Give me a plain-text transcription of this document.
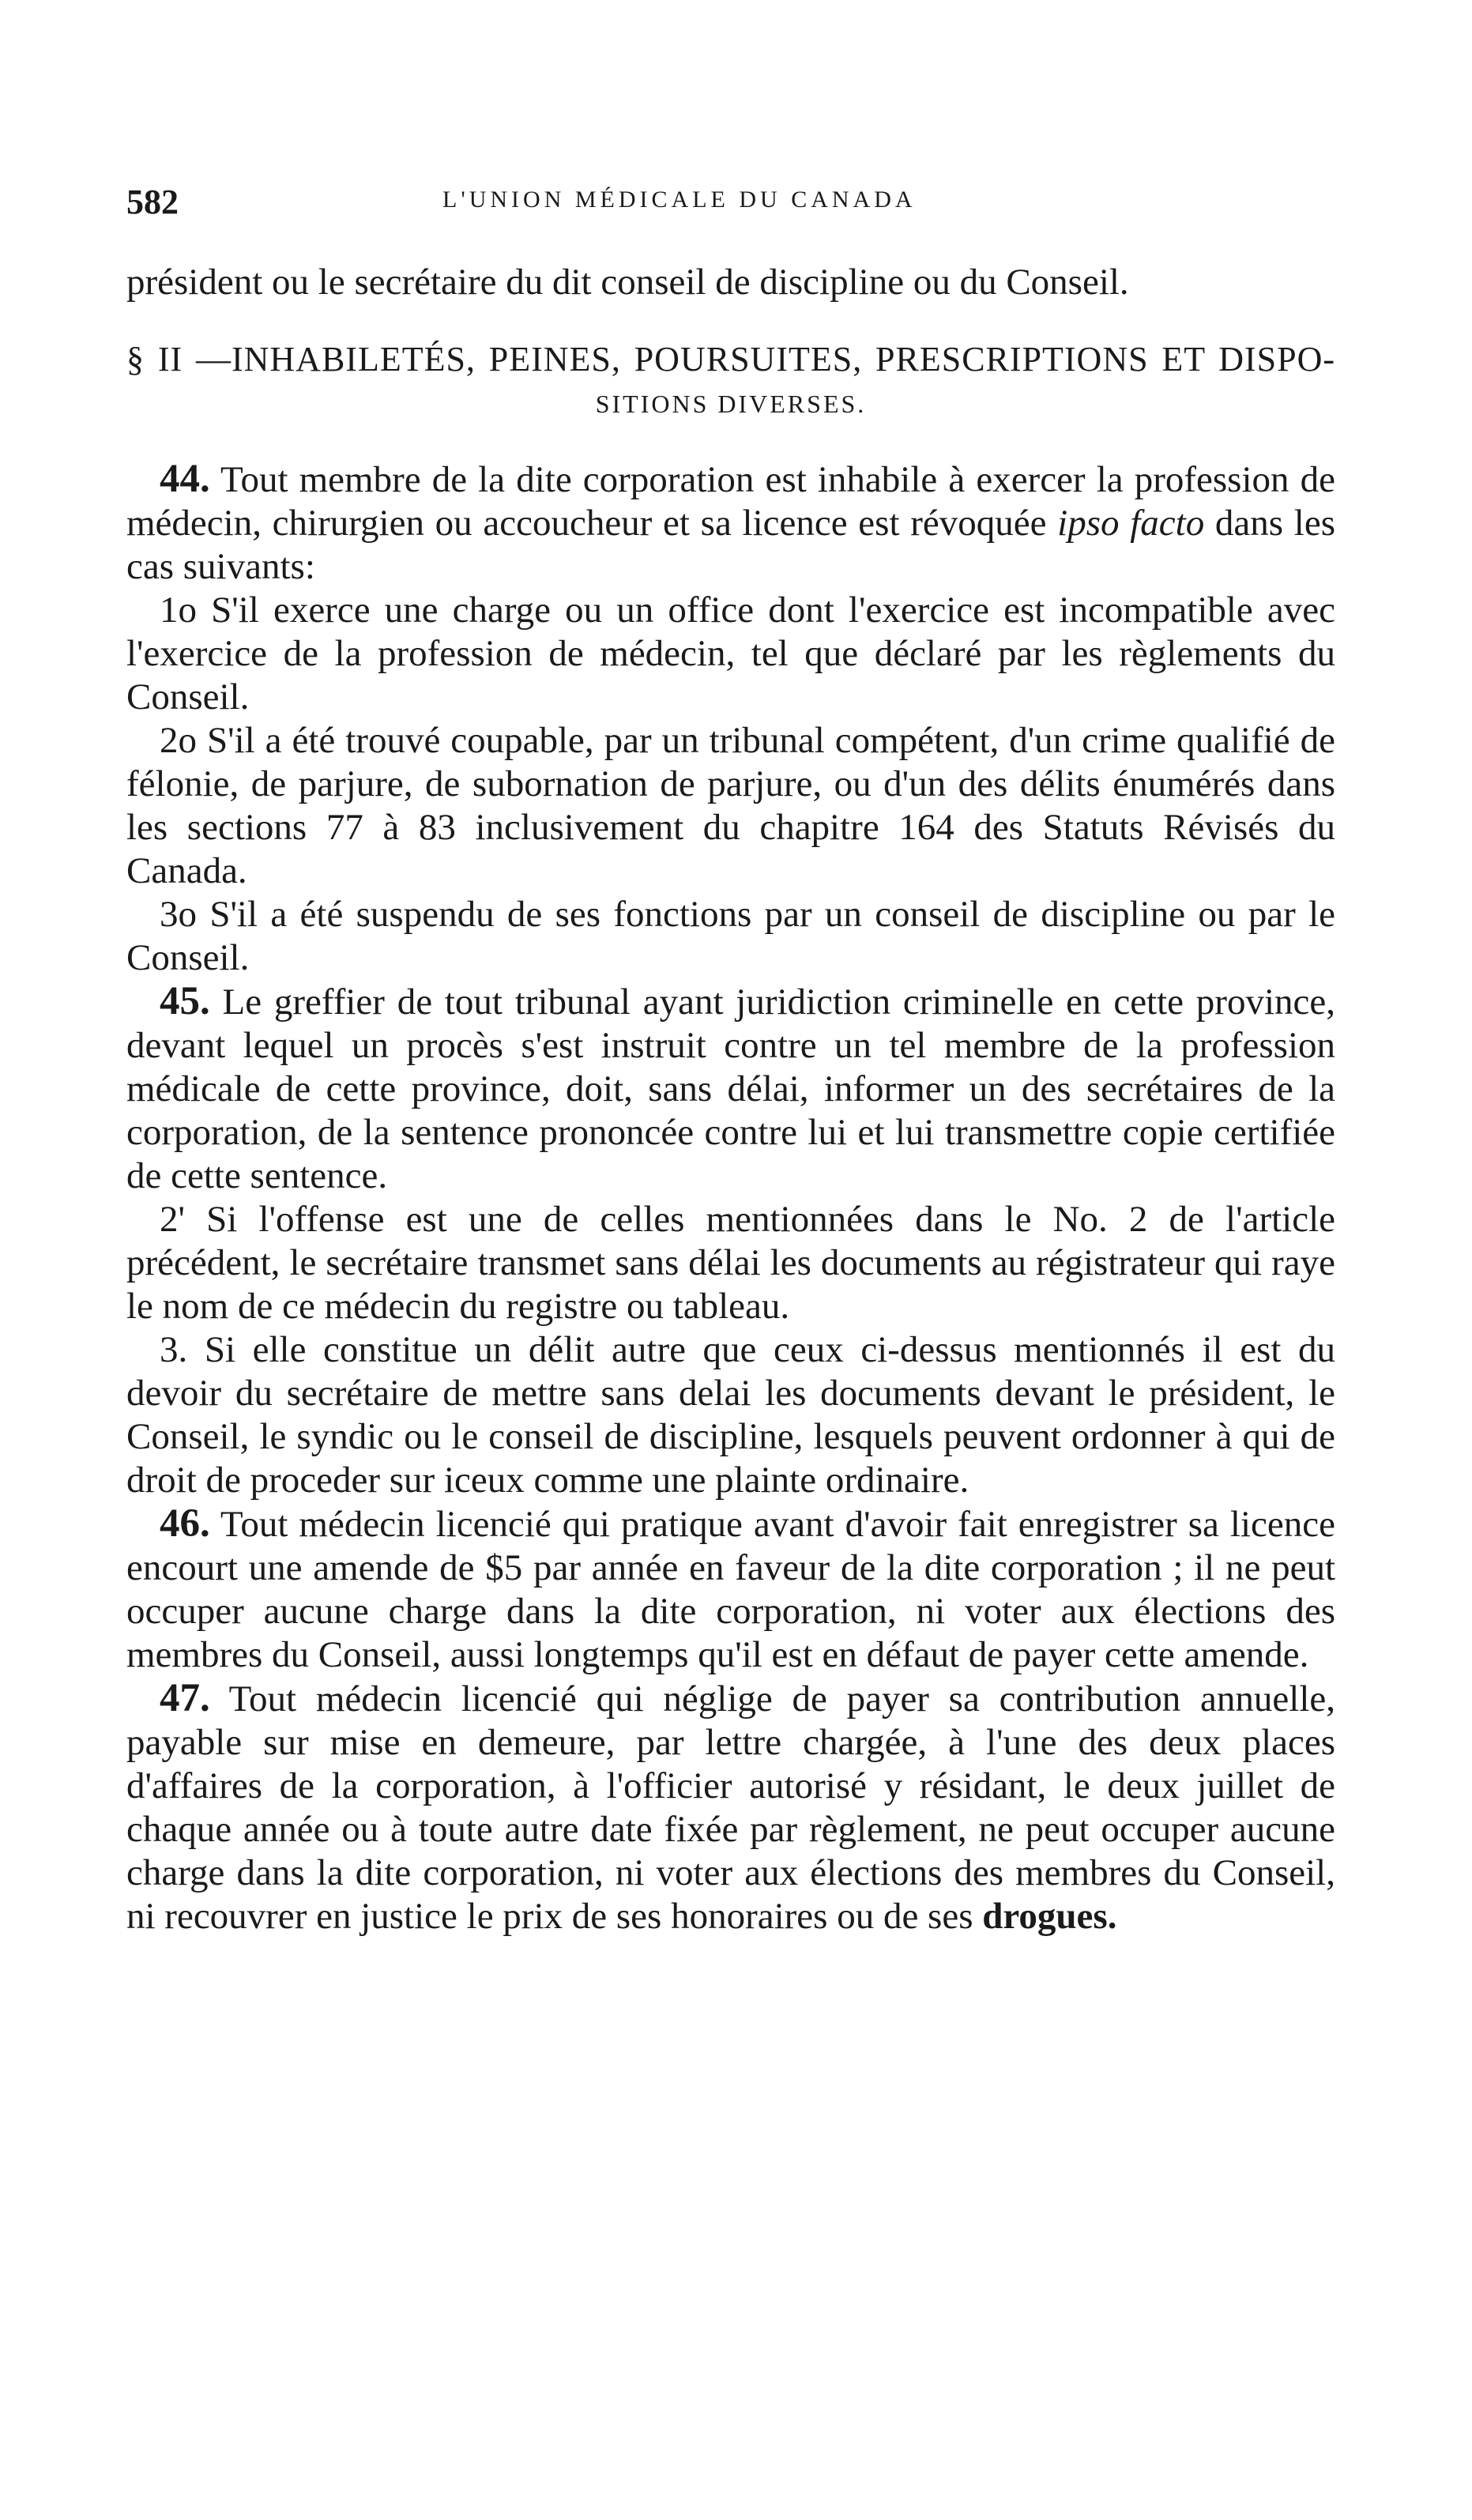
582	L'UNION MÉDICALE DU CANADA

président ou le secrétaire du dit conseil de discipline ou du Conseil.

§ II —INHABILETÉS, PEINES, POURSUITES, PRESCRIPTIONS ET DISPO-
SITIONS DIVERSES.

44. Tout membre de la dite corporation est inhabile à exercer la profession de médecin, chirurgien ou accoucheur et sa licence est révoquée ipso facto dans les cas suivants:

1o S'il exerce une charge ou un office dont l'exercice est incompatible avec l'exercice de la profession de médecin, tel que déclaré par les règlements du Conseil.

2o S'il a été trouvé coupable, par un tribunal compétent, d'un crime qualifié de félonie, de parjure, de subornation de parjure, ou d'un des délits énumérés dans les sections 77 à 83 inclusivement du chapitre 164 des Statuts Révisés du Canada.

3o S'il a été suspendu de ses fonctions par un conseil de discipline ou par le Conseil.

45. Le greffier de tout tribunal ayant juridiction criminelle en cette province, devant lequel un procès s'est instruit contre un tel membre de la profession médicale de cette province, doit, sans délai, informer un des secrétaires de la corporation, de la sentence prononcée contre lui et lui transmettre copie certifiée de cette sentence.

2' Si l'offense est une de celles mentionnées dans le No. 2 de l'article précédent, le secrétaire transmet sans délai les documents au régistrateur qui raye le nom de ce médecin du registre ou tableau.

3. Si elle constitue un délit autre que ceux ci-dessus mentionnés il est du devoir du secrétaire de mettre sans delai les documents devant le président, le Conseil, le syndic ou le conseil de discipline, lesquels peuvent ordonner à qui de droit de proceder sur iceux comme une plainte ordinaire.

46. Tout médecin licencié qui pratique avant d'avoir fait enregistrer sa licence encourt une amende de $5 par année en faveur de la dite corporation ; il ne peut occuper aucune charge dans la dite corporation, ni voter aux élections des membres du Conseil, aussi longtemps qu'il est en défaut de payer cette amende.

47. Tout médecin licencié qui néglige de payer sa contribution annuelle, payable sur mise en demeure, par lettre chargée, à l'une des deux places d'affaires de la corporation, à l'officier autorisé y résidant, le deux juillet de chaque année ou à toute autre date fixée par règlement, ne peut occuper aucune charge dans la dite corporation, ni voter aux élections des membres du Conseil, ni recouvrer en justice le prix de ses honoraires ou de ses drogues.
